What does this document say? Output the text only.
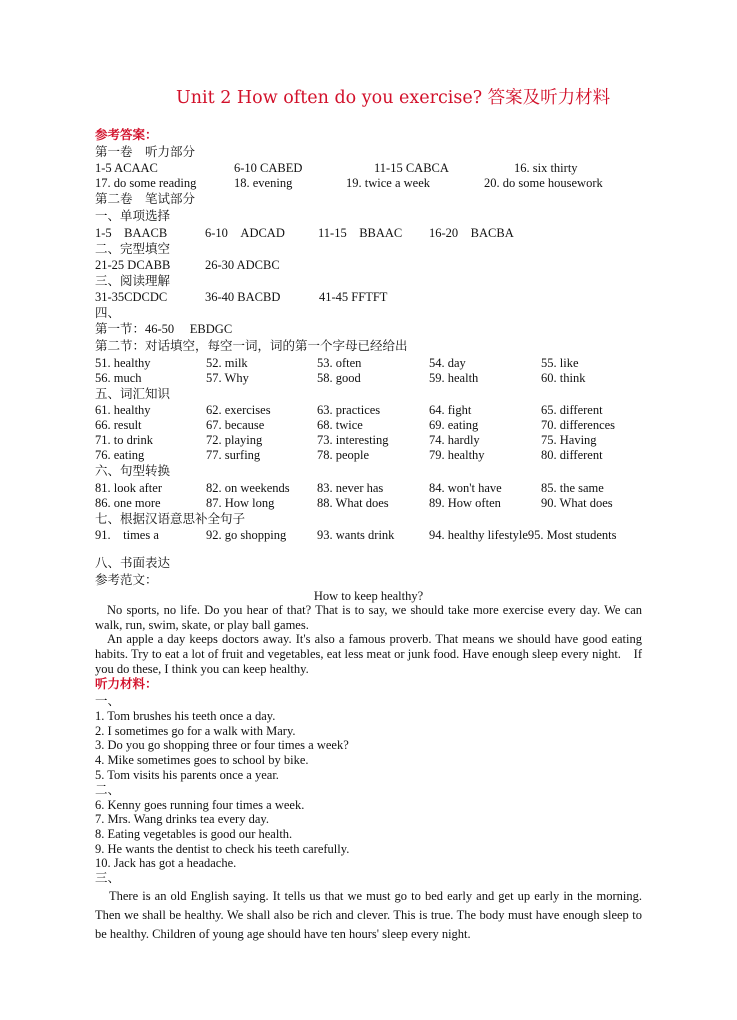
Unit 2 How often do you exercise? 答案及听力材料
参考答案：
第一卷　听力部分
1-5 ACAAC	6-10 CABED	11-15 CABCA	16. six thirty
17. do some reading	18. evening	19. twice a week	20. do some housework
第二卷　笔试部分
一、单项选择
1-5　BAACB	6-10　ADCAD	11-15　BBAAC 16-20　BACBA
二、完型填空
21-25 DCABB	26-30 ADCBC
三、阅读理解
31-35CDCDC	36-40 BACBD	41-45 FFTFT
四、
第一节：46-50　 EBDGC
第二节：对话填空，每空一词，词的第一个字母已经给出
51. healthy	52. milk	53. often	54. day	55. like
56. much	57. Why	58. good	59. health	60. think
五、词汇知识
61. healthy	62. exercises	63. practices	64. fight	65. different
66. result	67. because	68. twice	69. eating	70. differences
71. to drink	72. playing	73. interesting	74. hardly	75. Having
76. eating	77. surfing	78. people	79. healthy	80. different
六、句型转换
81. look after	82. on weekends 83. never has	84. won't have	85. the same
86. one more	87. How long	88. What does	89. How often	90. What does
七、根据汉语意思补全句子
91.　times a	92. go shopping 93. wants drink	94. healthy lifestyle95. Most students
八、书面表达
参考范文：
How to keep healthy?
No sports, no life. Do you hear of that? That is to say, we should take more exercise every day. We can walk, run, swim, skate, or play ball games.
An apple a day keeps doctors away. It's also a famous proverb. That means we should have good eating habits. Try to eat a lot of fruit and vegetables, eat less meat or junk food. Have enough sleep every night.　If you do these, I think you can keep healthy.
听力材料：
一、
1. Tom brushes his teeth once a day.
2. I sometimes go for a walk with Mary.
3. Do you go shopping three or four times a week?
4. Mike sometimes goes to school by bike.
5. Tom visits his parents once a year.
二、
6. Kenny goes running four times a week.
7. Mrs. Wang drinks tea every day.
8. Eating vegetables is good our health.
9. He wants the dentist to check his teeth carefully.
10. Jack has got a headache.
三、
There is an old English saying. It tells us that we must go to bed early and get up early in the morning. Then we shall be healthy. We shall also be rich and clever. This is true. The body must have enough sleep to be healthy. Children of young age should have ten hours' sleep every night.
